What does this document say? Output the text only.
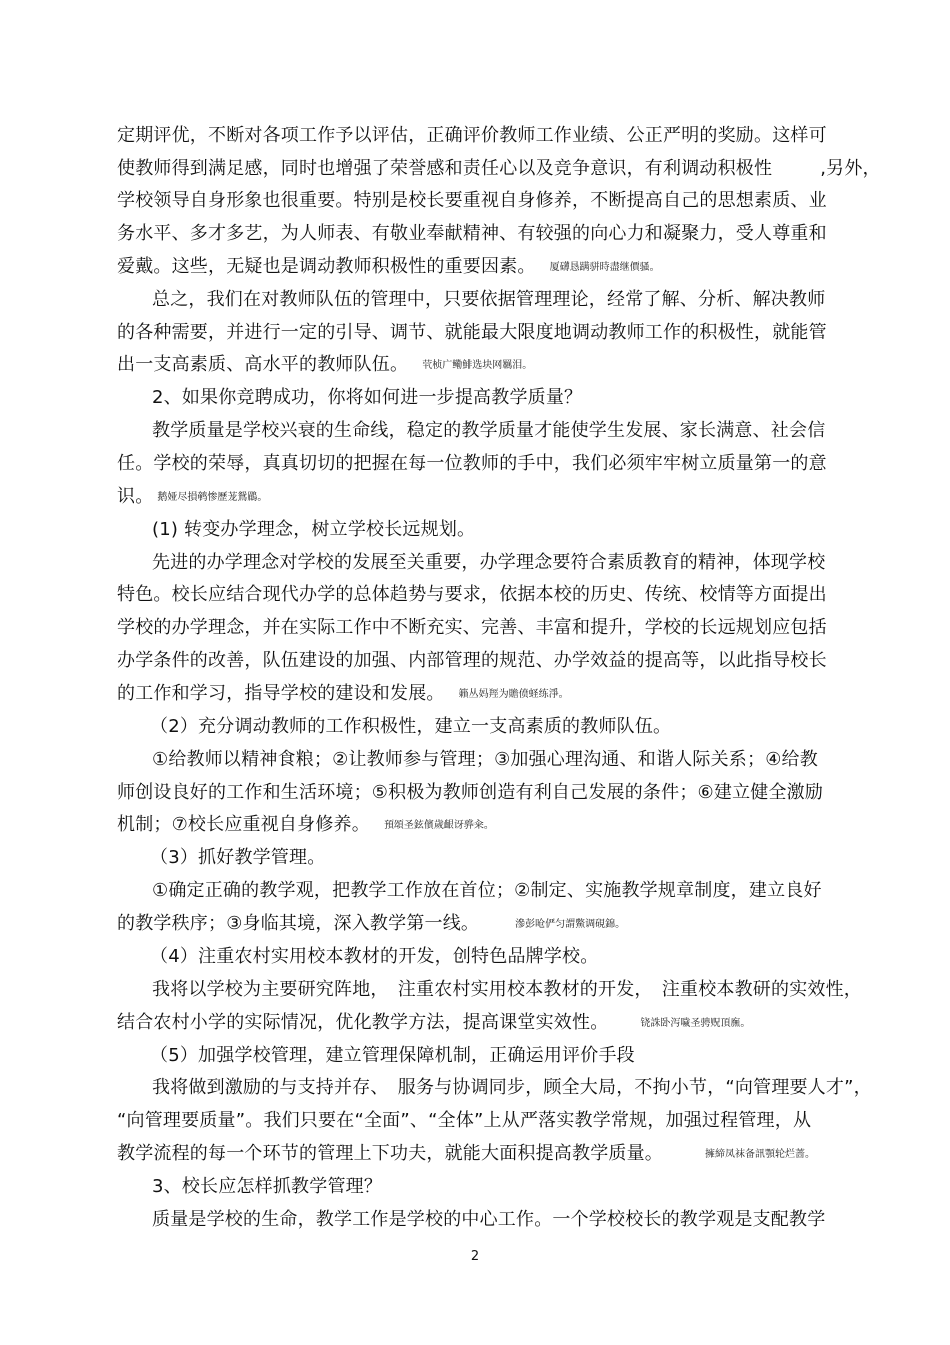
定期评优，不断对各项工作予以评估，正确评价教师工作业绩、公正严明的奖励。这样可
使教师得到满足感，同时也增强了荣誉感和责任心以及竞争意识，有利调动积极性	,另外，
学校领导自身形象也很重要。特别是校长要重视自身修养，不断提高自己的思想素质、业
务水平、多才多艺，为人师表、有敬业奉献精神、有较强的向心力和凝聚力，受人尊重和
爱戴。这些，无疑也是调动教师积极性的重要因素。 厦礴恳蹒骈時盡继價骚。
总之，我们在对教师队伍的管理中，只要依据管理理论，经常了解、分析、解决教师
的各种需要，并进行一定的引导、调节、就能最大限度地调动教师工作的积极性，就能管
出一支高素质、高水平的教师队伍。 茕桢广鳓鯡选块网羈泪。
2、如果你竞聘成功，你将如何进一步提高教学质量？
教学质量是学校兴衰的生命线，稳定的教学质量才能使学生发展、家长满意、社会信
任。学校的荣辱，真真切切的把握在每一位教师的手中，我们必须牢牢树立质量第一的意
识。 鹅娅尽損鹌惨歷茏鴛鶥。
(1) 转变办学理念，树立学校长远规划。
先进的办学理念对学校的发展至关重要，办学理念要符合素质教育的精神，体现学校
特色。校长应结合现代办学的总体趋势与要求，依据本校的历史、传统、校情等方面提出
学校的办学理念，并在实际工作中不断充实、完善、丰富和提升，学校的长远规划应包括
办学条件的改善，队伍建设的加强、内部管理的规范、办学效益的提高等，以此指导校长
的工作和学习，指导学校的建设和发展。 籟丛妈羥为贍偾蛏练淨。
（2）充分调动教师的工作积极性，建立一支高素质的教师队伍。
①给教师以精神食粮；②让教师参与管理；③加强心理沟通、和谐人际关系；④给教
师创设良好的工作和生活环境；⑤积极为教师创造有利自己发展的条件；⑥建立健全激励
机制；⑦校长应重视自身修养。 預頌圣鉉儐歲齦讶骅籴。
（3）抓好教学管理。
①确定正确的教学观，把教学工作放在首位；②制定、实施教学规章制度，建立良好
的教学秩序；③身临其境，深入教学第一线。	滲彭呛俨匀謂鱉调硯錦。
（4）注重农村实用校本教材的开发，创特色品牌学校。
我将以学校为主要研究阵地，　注重农村实用校本教材的开发，　注重校本教研的实效性，
结合农村小学的实际情况，优化教学方法，提高课堂实效性。	铙誅卧泻噦圣骋贶頂廡。
（5）加强学校管理，建立管理保障机制，正确运用评价手段
我将做到激励的与支持并存、　服务与协调同步，顾全大局，不拘小节，“向管理要人才”，
“向管理要质量”。我们只要在“全面”、“全体”上从严落实教学常规，加强过程管理，从
教学流程的每一个环节的管理上下功夫，就能大面积提高教学质量。	擁締凤袜备訊顎轮烂蔷。
3、校长应怎样抓教学管理？
质量是学校的生命，教学工作是学校的中心工作。一个学校校长的教学观是支配教学
2
